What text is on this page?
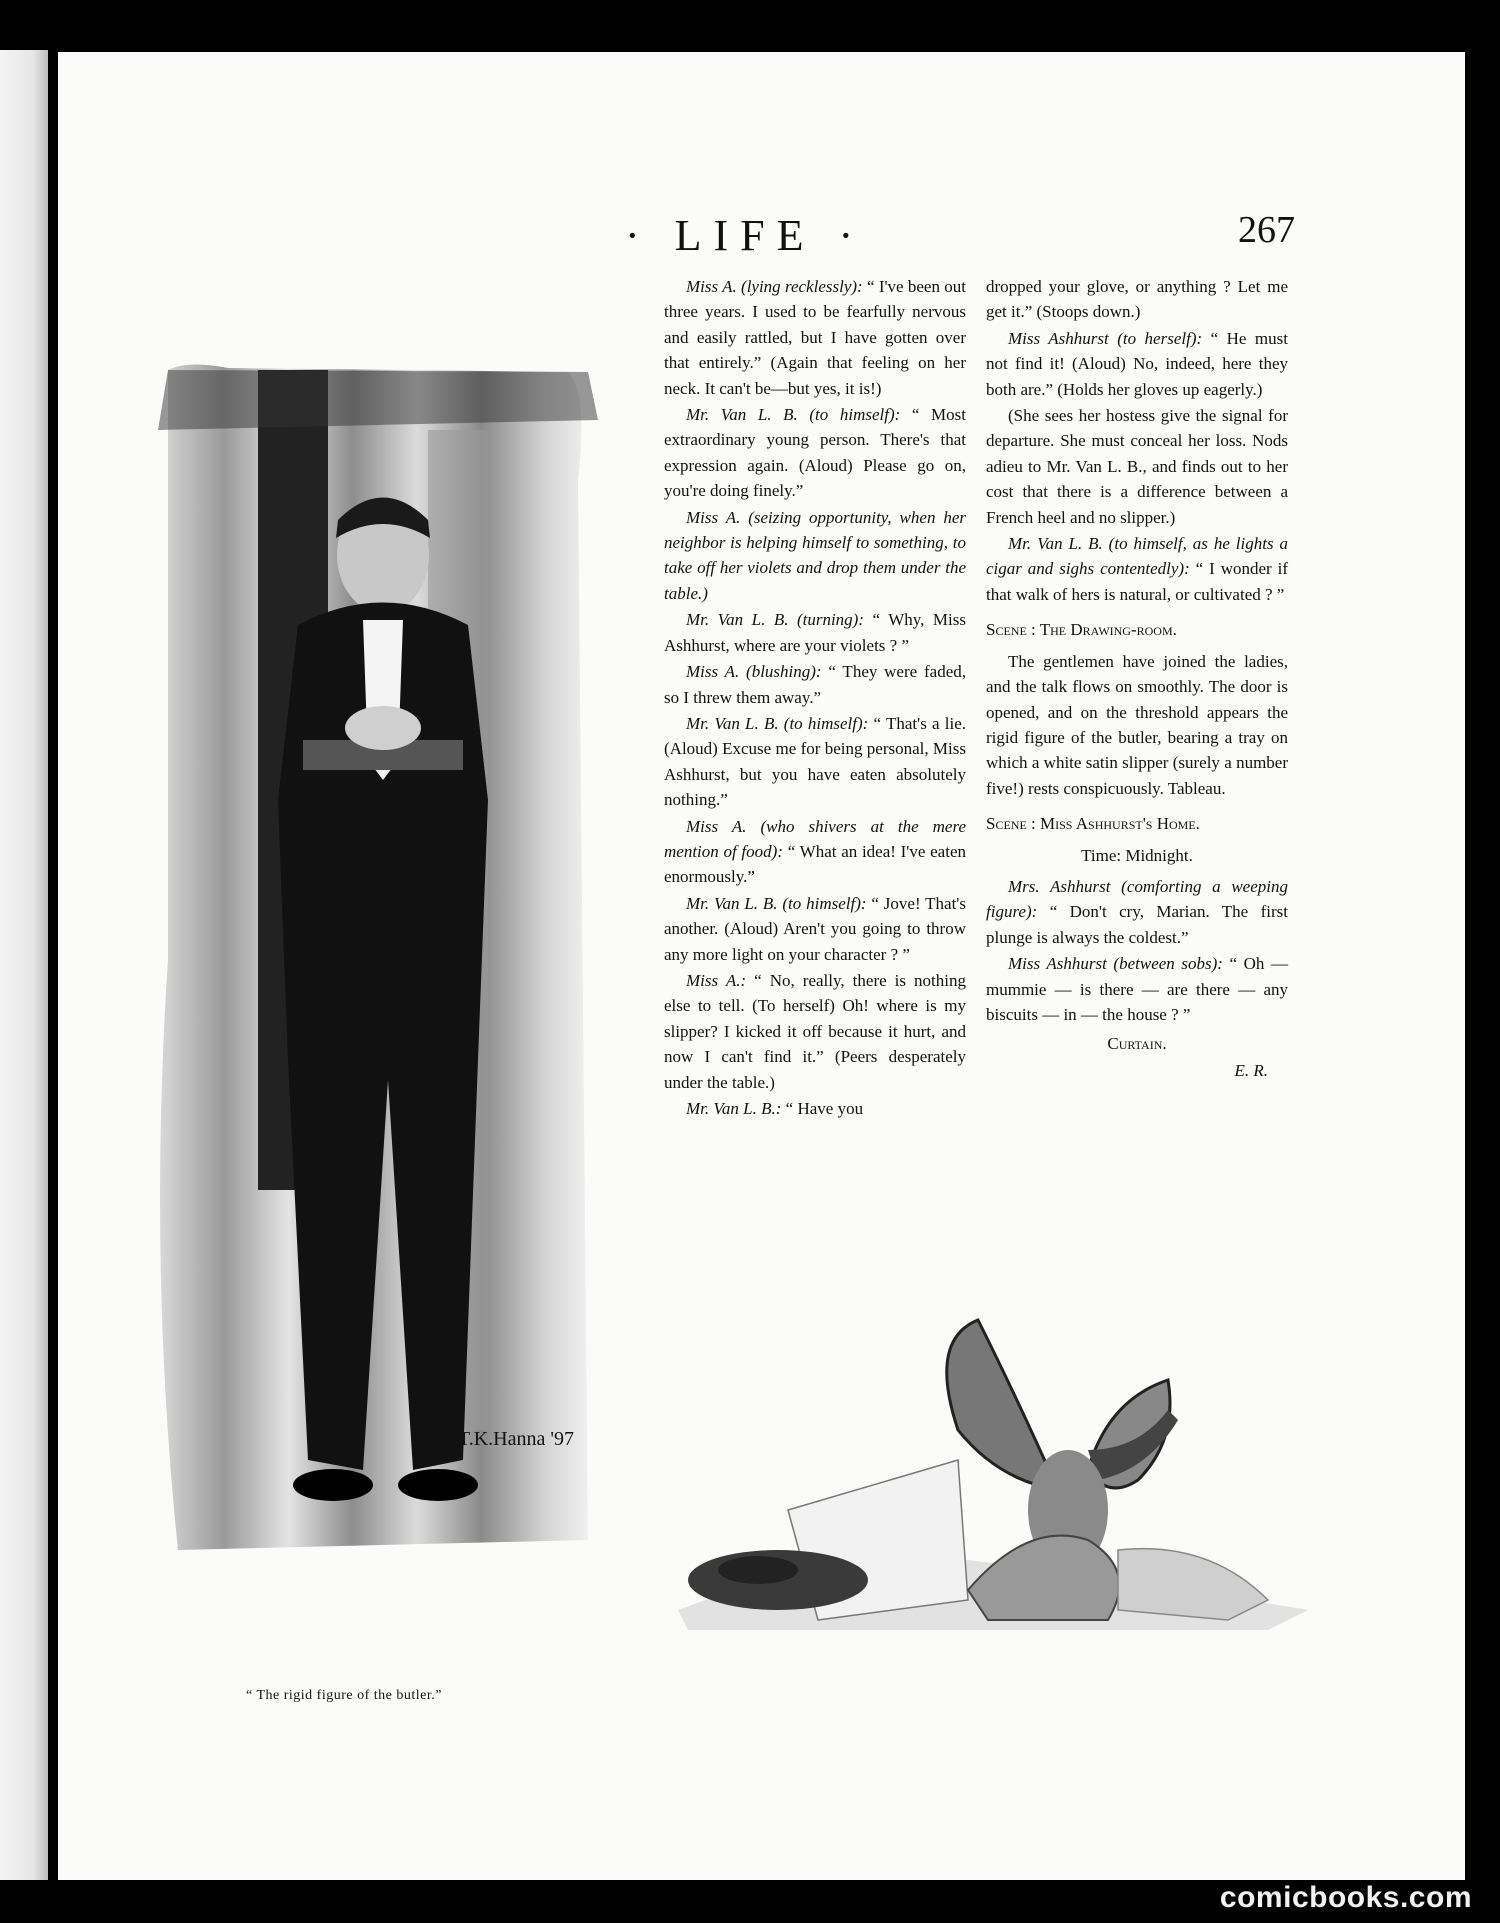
· LIFE ·	267
T.K.Hanna '97
“ The rigid figure of the butler.”

Miss A. (lying recklessly): “ I've been out three years. I used to be fearfully nervous and easily rattled, but I have gotten over that entirely.” (Again that feeling on her neck. It can't be—but yes, it is!)

Mr. Van L. B. (to himself): “ Most extraordinary young person. There's that expression again. (Aloud) Please go on, you're doing finely.”

Miss A. (seizing opportunity, when her neighbor is helping himself to something, to take off her violets and drop them under the table.)

Mr. Van L. B. (turning): “ Why, Miss Ashhurst, where are your violets ? ”

Miss A. (blushing): “ They were faded, so I threw them away.”

Mr. Van L. B. (to himself): “ That's a lie. (Aloud) Excuse me for being personal, Miss Ashhurst, but you have eaten absolutely nothing.”

Miss A. (who shivers at the mere mention of food): “ What an idea! I've eaten enormously.”

Mr. Van L. B. (to himself): “ Jove! That's another. (Aloud) Aren't you going to throw any more light on your character ? ”

Miss A.: “ No, really, there is nothing else to tell. (To herself) Oh! where is my slipper? I kicked it off because it hurt, and now I can't find it.” (Peers desperately under the table.)

Mr. Van L. B.: “ Have you

dropped your glove, or anything ? Let me get it.” (Stoops down.)

Miss Ashhurst (to herself): “ He must not find it! (Aloud) No, indeed, here they both are.” (Holds her gloves up eagerly.)

(She sees her hostess give the signal for departure. She must conceal her loss. Nods adieu to Mr. Van L. B., and finds out to her cost that there is a difference between a French heel and no slipper.)

Mr. Van L. B. (to himself, as he lights a cigar and sighs contentedly): “ I wonder if that walk of hers is natural, or cultivated ? ”

Scene : The Drawing-room.

The gentlemen have joined the ladies, and the talk flows on smoothly. The door is opened, and on the threshold appears the rigid figure of the butler, bearing a tray on which a white satin slipper (surely a number five!) rests conspicuously. Tableau.

Scene : Miss Ashhurst's Home.

Time: Midnight.

Mrs. Ashhurst (comforting a weeping figure): “ Don't cry, Marian. The first plunge is always the coldest.”

Miss Ashhurst (between sobs): “ Oh — mummie — is there — are there — any biscuits — in — the house ? ”

Curtain.

E. R.

comicbooks.com
